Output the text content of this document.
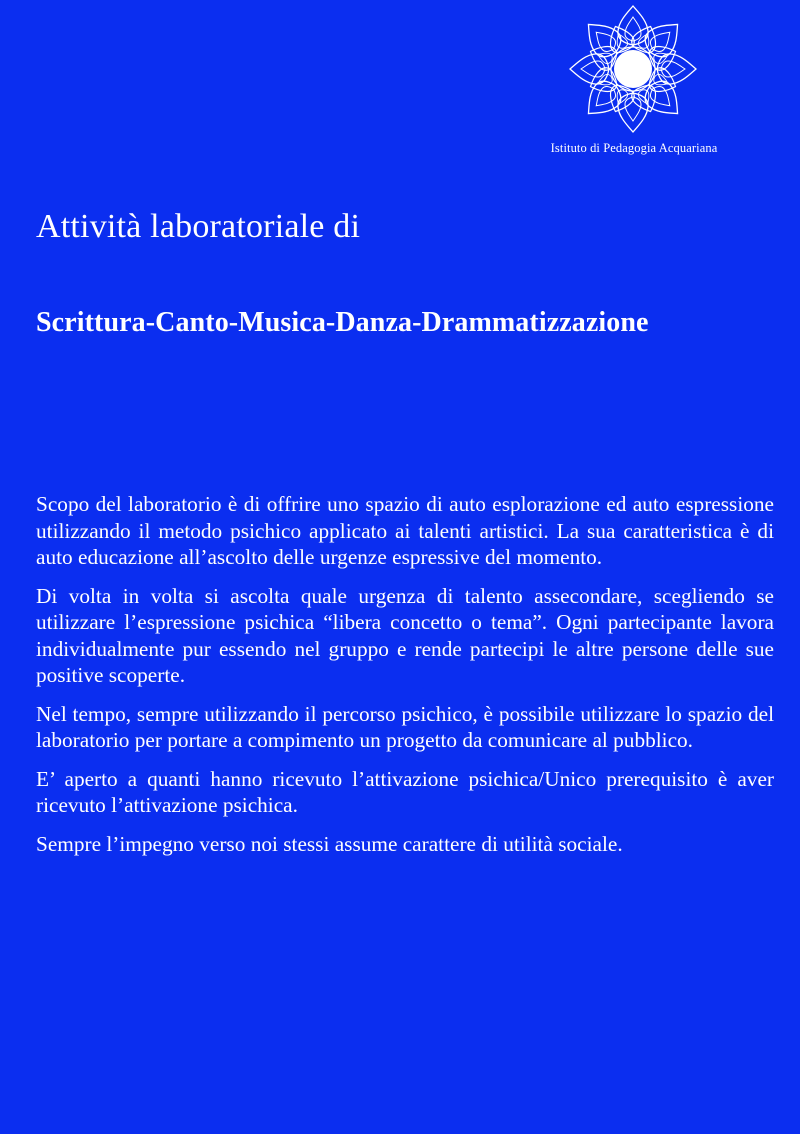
Istituto di Pedagogia Acquariana
Attività laboratoriale di
Scrittura-Canto-Musica-Danza-Drammatizzazione

Scopo del laboratorio è di offrire uno spazio di auto esplorazione ed auto espressione utilizzando il metodo psichico applicato ai talenti artistici. La sua caratteristica è di auto educazione all’ascolto delle urgenze espressive del momento.

Di volta in volta si ascolta quale urgenza di talento assecondare, scegliendo se utilizzare l’espressione psichica “libera concetto o tema”. Ogni partecipante lavora individualmente pur essendo nel gruppo e rende partecipi le altre persone delle sue positive scoperte.

Nel tempo, sempre utilizzando il percorso psichico, è possibile utilizzare lo spazio del laboratorio per portare a compimento un progetto da comunicare al pubblico.

E’ aperto a quanti hanno ricevuto l’attivazione psichica/Unico prerequisito è aver ricevuto l’attivazione psichica.

Sempre l’impegno verso noi stessi assume carattere di utilità sociale.
